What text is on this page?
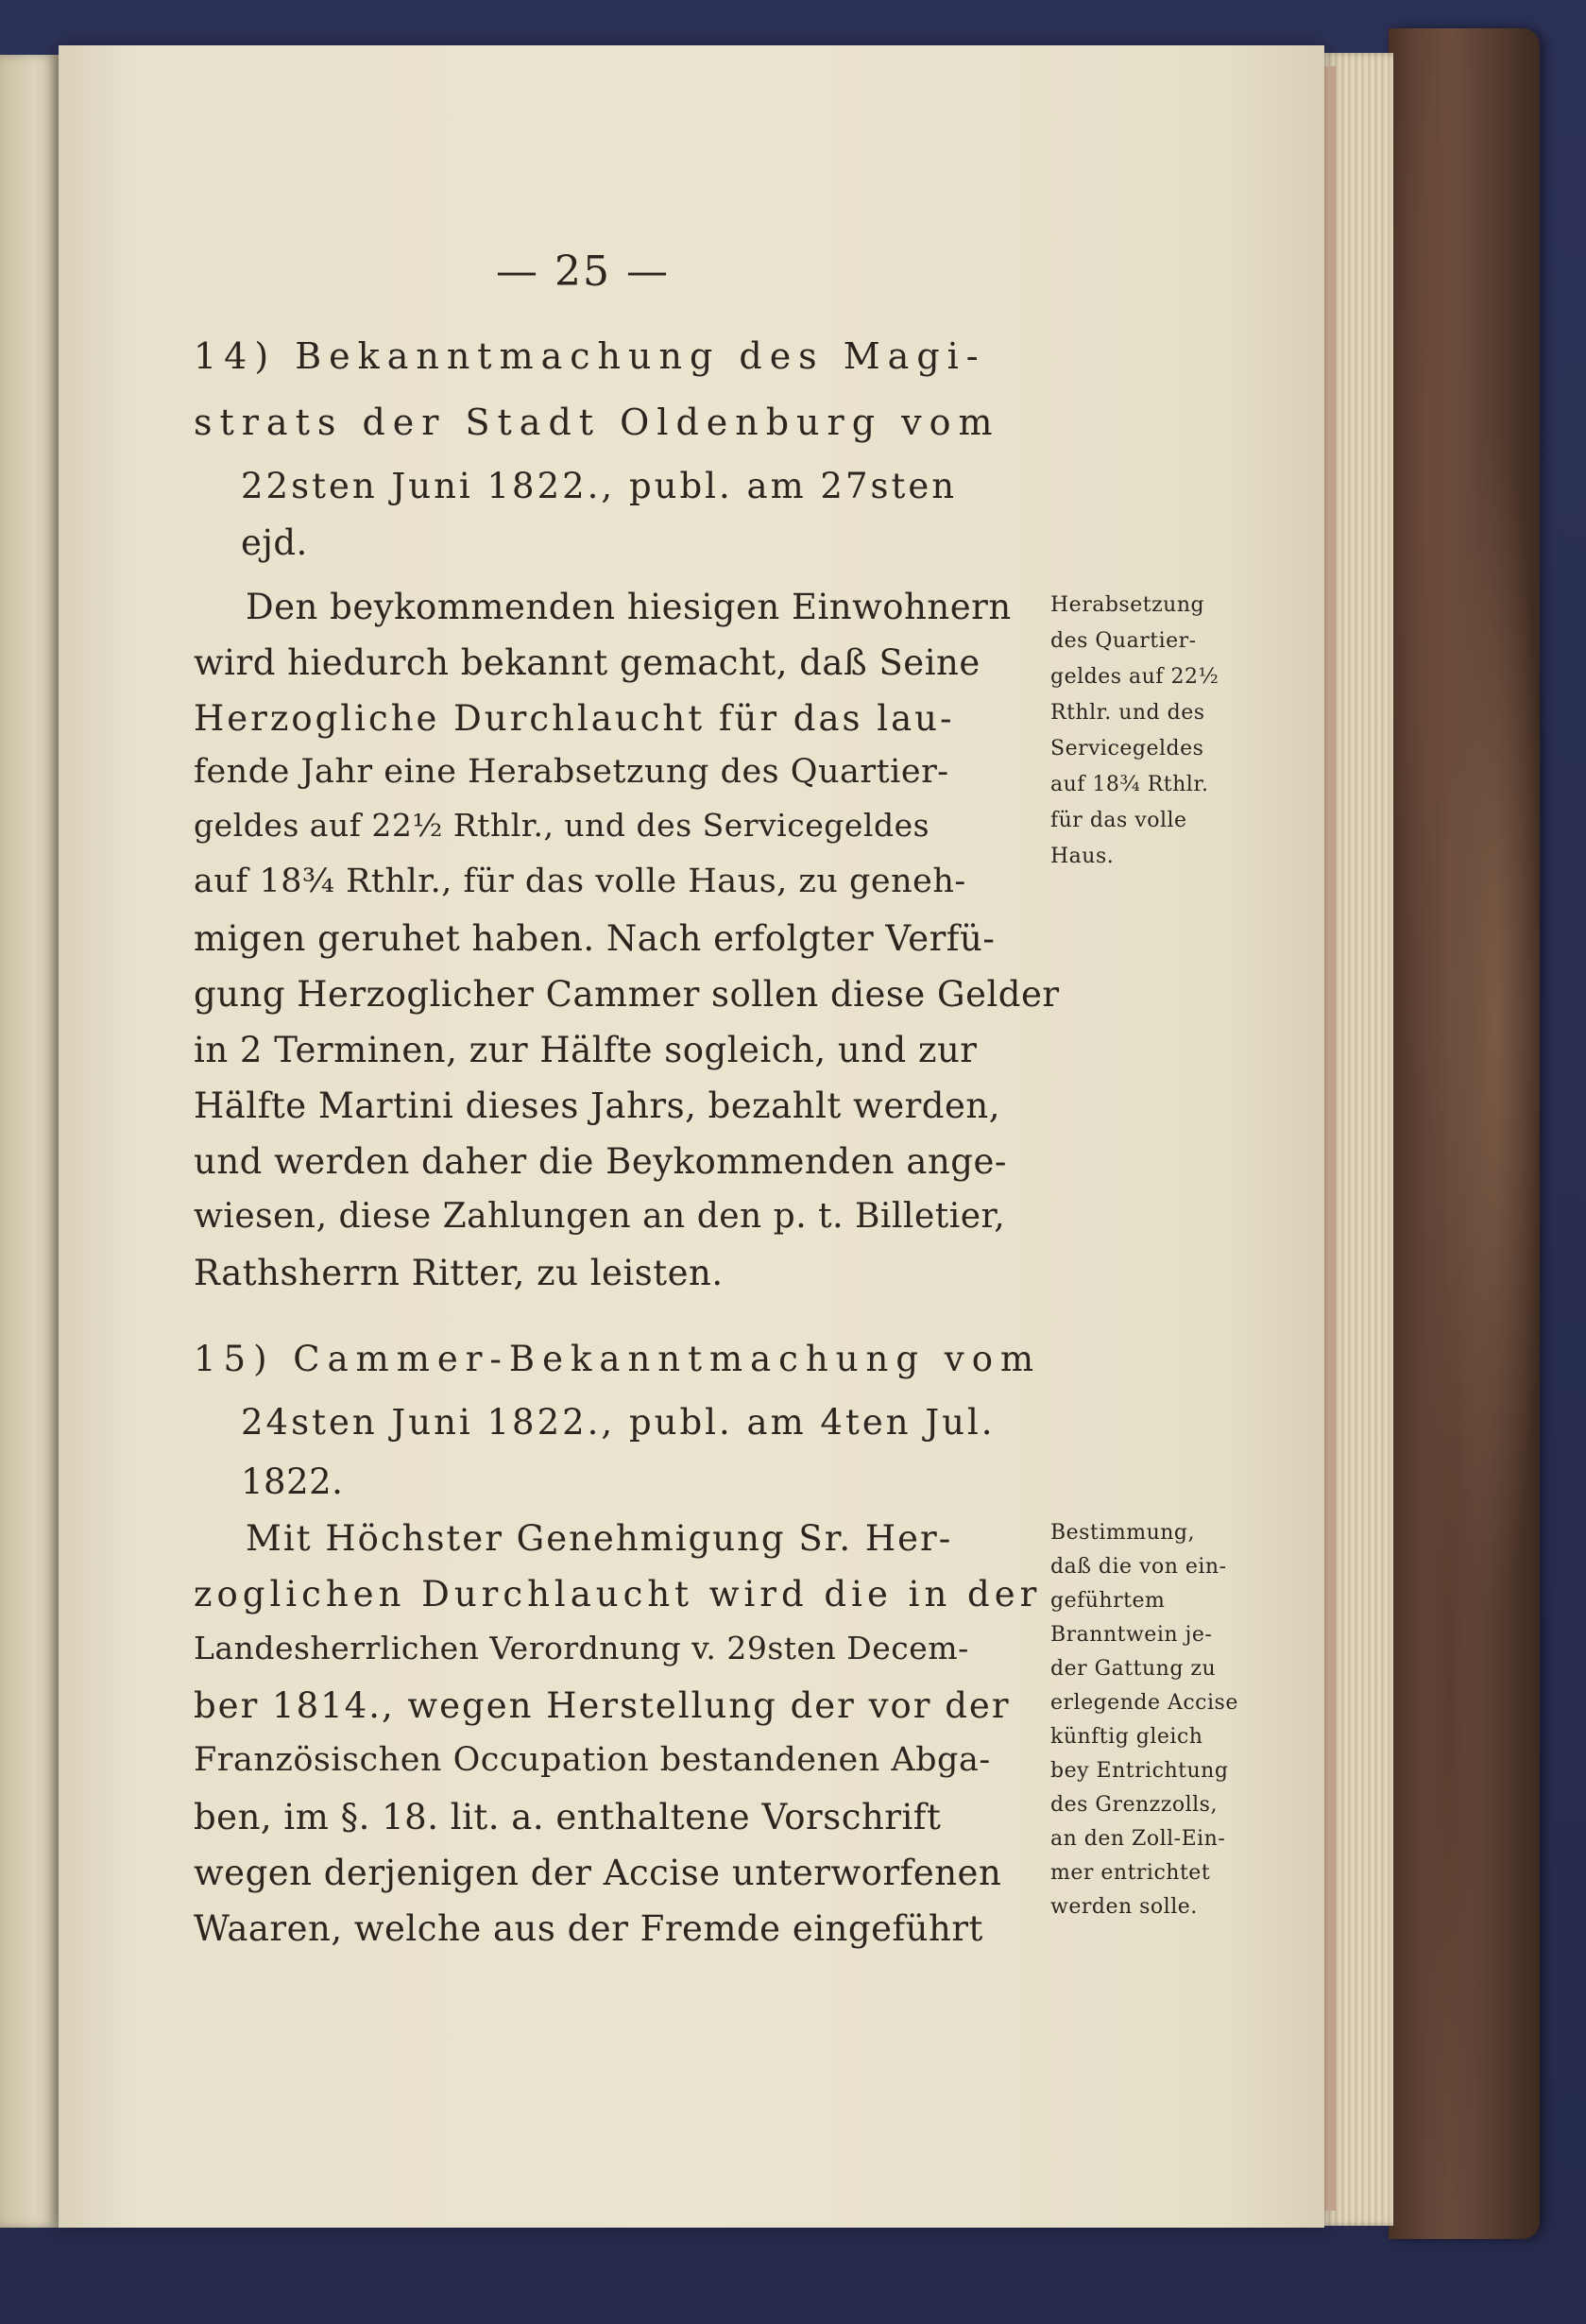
— 25 —
14) Bekanntmachung des Magi-
strats der Stadt Oldenburg vom
22sten Juni 1822., publ. am 27sten
ejd.
Den beykommenden hiesigen Einwohnern
wird hiedurch bekannt gemacht, daß Seine
Herzogliche Durchlaucht für das lau-
fende Jahr eine Herabsetzung des Quartier-
geldes auf 22½ Rthlr., und des Servicegeldes
auf 18¾ Rthlr., für das volle Haus, zu geneh-
migen geruhet haben. Nach erfolgter Verfü-
gung Herzoglicher Cammer sollen diese Gelder
in 2 Terminen, zur Hälfte sogleich, und zur
Hälfte Martini dieses Jahrs, bezahlt werden,
und werden daher die Beykommenden ange-
wiesen, diese Zahlungen an den p. t. Billetier,
Rathsherrn Ritter, zu leisten.
Herabsetzung
des Quartier-
geldes auf 22½
Rthlr. und des
Servicegeldes
auf 18¾ Rthlr.
für das volle
Haus.
15) Cammer-Bekanntmachung vom
24sten Juni 1822., publ. am 4ten Jul.
1822.
Mit Höchster Genehmigung Sr. Her-
zoglichen Durchlaucht wird die in der
Landesherrlichen Verordnung v. 29sten Decem-
ber 1814., wegen Herstellung der vor der
Französischen Occupation bestandenen Abga-
ben, im §. 18. lit. a. enthaltene Vorschrift
wegen derjenigen der Accise unterworfenen
Waaren, welche aus der Fremde eingeführt
Bestimmung,
daß die von ein-
geführtem
Branntwein je-
der Gattung zu
erlegende Accise
künftig gleich
bey Entrichtung
des Grenzzolls,
an den Zoll-Ein-
mer entrichtet
werden solle.
